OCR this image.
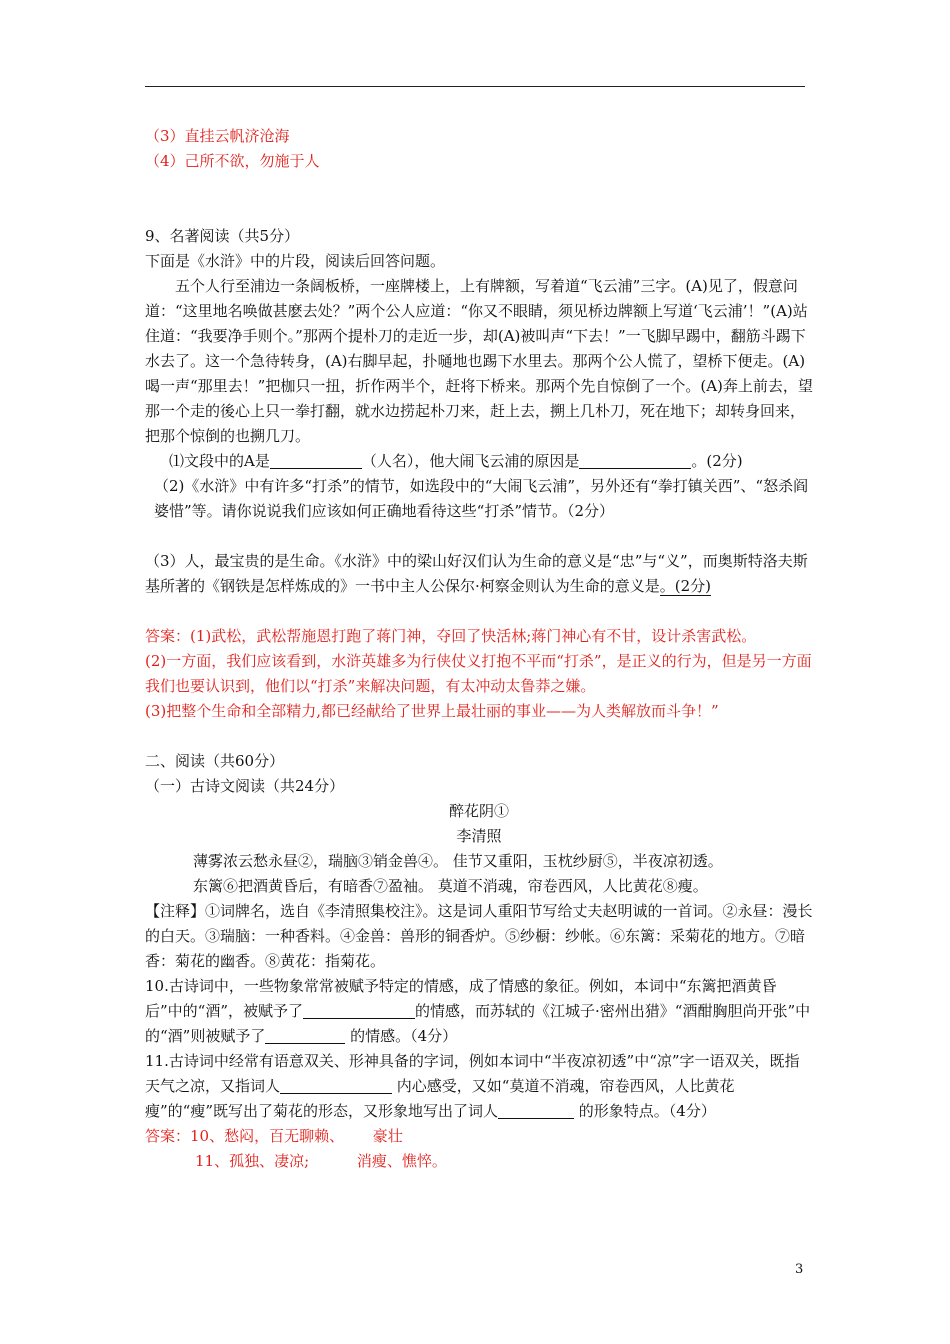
（3）直挂云帆济沧海

（4）己所不欲，勿施于人

9、名著阅读（共5分）

下面是《水浒》中的片段，阅读后回答问题。

五个人行至浦边一条阔板桥，一座牌楼上，上有牌额，写着道“飞云浦”三字。(A)见了，假意问道：“这里地名唤做甚麽去处？”两个公人应道：“你又不眼睛，须见桥边牌额上写道‘飞云浦’！”(A)站住道：“我要净手则个。”那两个提朴刀的走近一步，却(A)被叫声“下去！”一飞脚早踢中，翻筋斗踢下水去了。这一个急待转身，(A)右脚早起，扑嗵地也踢下水里去。那两个公人慌了，望桥下便走。(A)喝一声“那里去！”把枷只一扭，折作两半个，赶将下桥来。那两个先自惊倒了一个。(A)奔上前去，望那一个走的後心上只一拳打翻，就水边捞起朴刀来，赶上去，搠上几朴刀，死在地下；却转身回来，把那个惊倒的也搠几刀。

⑴文段中的A是	（人名），他大闹飞云浦的原因是	。(2分)

（2)《水浒》中有许多“打杀”的情节，如选段中的“大闹飞云浦”，另外还有“拳打镇关西”、“怒杀阎婆惜”等。请你说说我们应该如何正确地看待这些“打杀”情节。（2分）

（3）人，最宝贵的是生命。《水浒》中的梁山好汉们认为生命的意义是“忠”与“义”，而奥斯特洛夫斯基所著的《钢铁是怎样炼成的》一书中主人公保尔·柯察金则认为生命的意义是。(2分)

答案：(1)武松，武松帮施恩打跑了蒋门神，夺回了快活林;蒋门神心有不甘，设计杀害武松。

(2)一方面，我们应该看到，水浒英雄多为行侠仗义打抱不平而“打杀”，是正义的行为，但是另一方面我们也要认识到，他们以“打杀”来解决问题，有太冲动太鲁莽之嫌。

(3)把整个生命和全部精力,都已经献给了世界上最壮丽的事业——为人类解放而斗争！”

二、阅读（共60分）

（一）古诗文阅读（共24分）

醉花阴①

李清照

薄雾浓云愁永昼②，瑞脑③销金兽④。 佳节又重阳，玉枕纱厨⑤，半夜凉初透。

东篱⑥把酒黄昏后，有暗香⑦盈袖。 莫道不消魂，帘卷西风，人比黄花⑧瘦。

【注释】①词牌名，选自《李清照集校注》。这是词人重阳节写给丈夫赵明诚的一首词。②永昼：漫长的白天。③瑞脑：一种香料。④金兽：兽形的铜香炉。⑤纱橱：纱帐。⑥东篱：采菊花的地方。⑦暗香：菊花的幽香。⑧黄花：指菊花。

10.古诗词中，一些物象常常被赋予特定的情感，成了情感的象征。例如，本词中“东篱把酒黄昏后”中的“酒”，被赋予了	的情感，而苏轼的《江城子·密州出猎》“酒酣胸胆尚开张”中的“酒”则被赋予了	的情感。（4分）

11.古诗词中经常有语意双关、形神具备的字词，例如本词中“半夜凉初透”中“凉”字一语双关，既指天气之凉，又指词人	内心感受，又如“莫道不消魂，帘卷西风，人比黄花瘦”的“瘦”既写出了菊花的形态，又形象地写出了词人	的形象特点。（4分）

答案：10、愁闷，百无聊赖、      豪壮

11、孤独、凄凉;          消瘦、憔悴。

3
